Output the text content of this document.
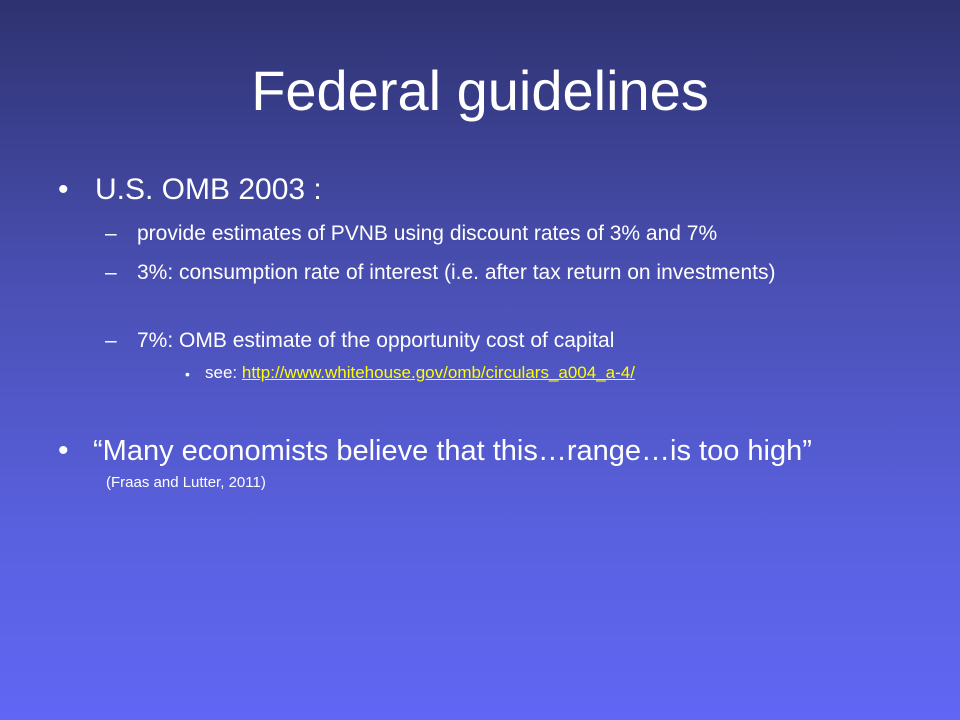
Federal guidelines
• U.S. OMB 2003 :
– provide estimates of PVNB using discount rates of 3% and 7%
– 3%: consumption rate of interest (i.e. after tax return on investments)
– 7%: OMB estimate of the opportunity cost of capital
• see: http://www.whitehouse.gov/omb/circulars_a004_a-4/
• “Many economists believe that this…range…is too high”
(Fraas and Lutter, 2011)
